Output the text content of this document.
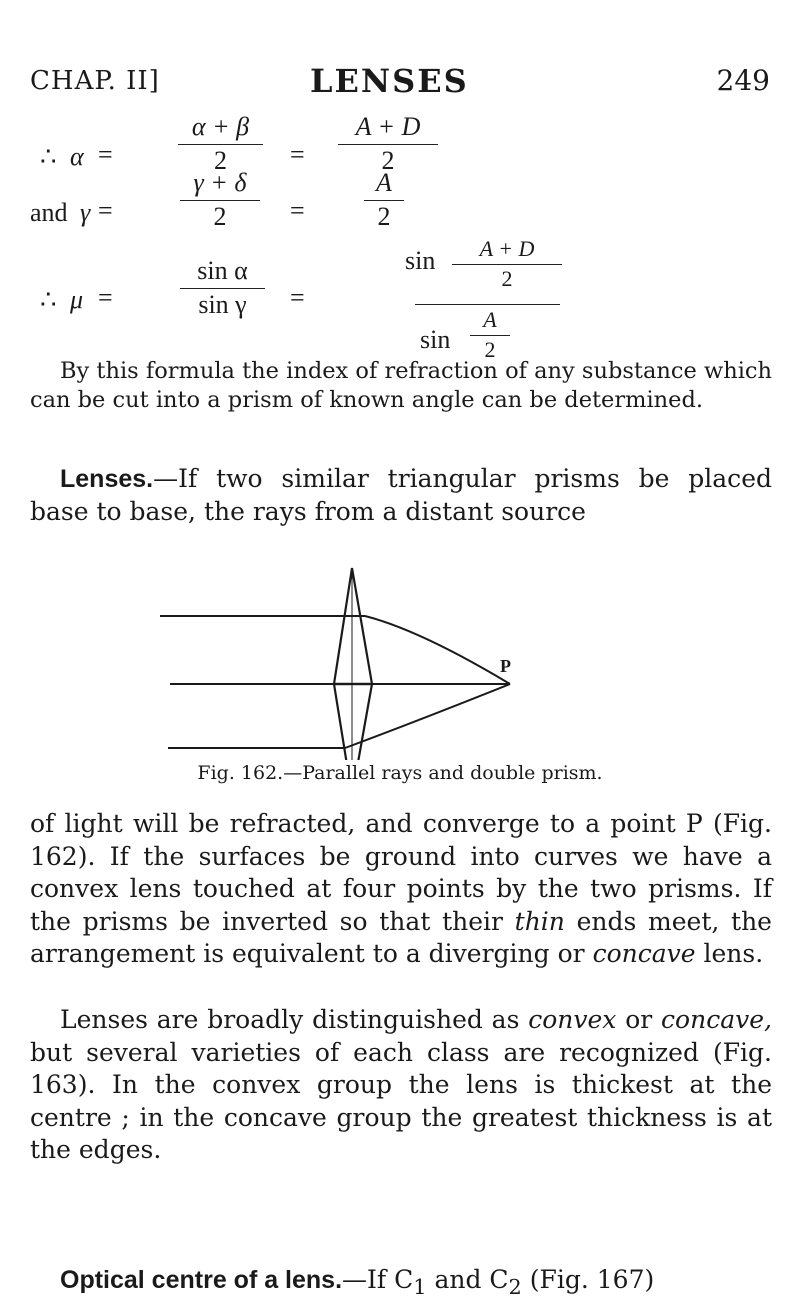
CHAP. II]	LENSES	249
∴ α =	$\frac{\alpha + \beta}{2} = \frac{A + D}{2}$
and γ =	$\frac{\gamma + \delta}{2} = \frac{A}{2}$
∴ μ =	$\frac{\text{sin α}}{\text{sin γ}}$ =
$\sin \frac{A + D}{2}$
$\sin \frac{A}{2}$

By this formula the index of refraction of any substance which can be cut into a prism of known angle can be determined.

Lenses.—If two similar triangular prisms be placed base to base, the rays from a distant source

P
Fig. 162.—Parallel rays and double prism.

of light will be refracted, and converge to a point P (Fig. 162). If the surfaces be ground into curves we have a convex lens touched at four points by the two prisms. If the prisms be inverted so that their thin ends meet, the arrangement is equivalent to a diverging or concave lens.

Lenses are broadly distinguished as convex or concave, but several varieties of each class are recognized (Fig. 163). In the convex group the lens is thickest at the centre ; in the concave group the greatest thickness is at the edges.

Optical centre of a lens.—If $C_1$ and $C_2$ (Fig. 167)
